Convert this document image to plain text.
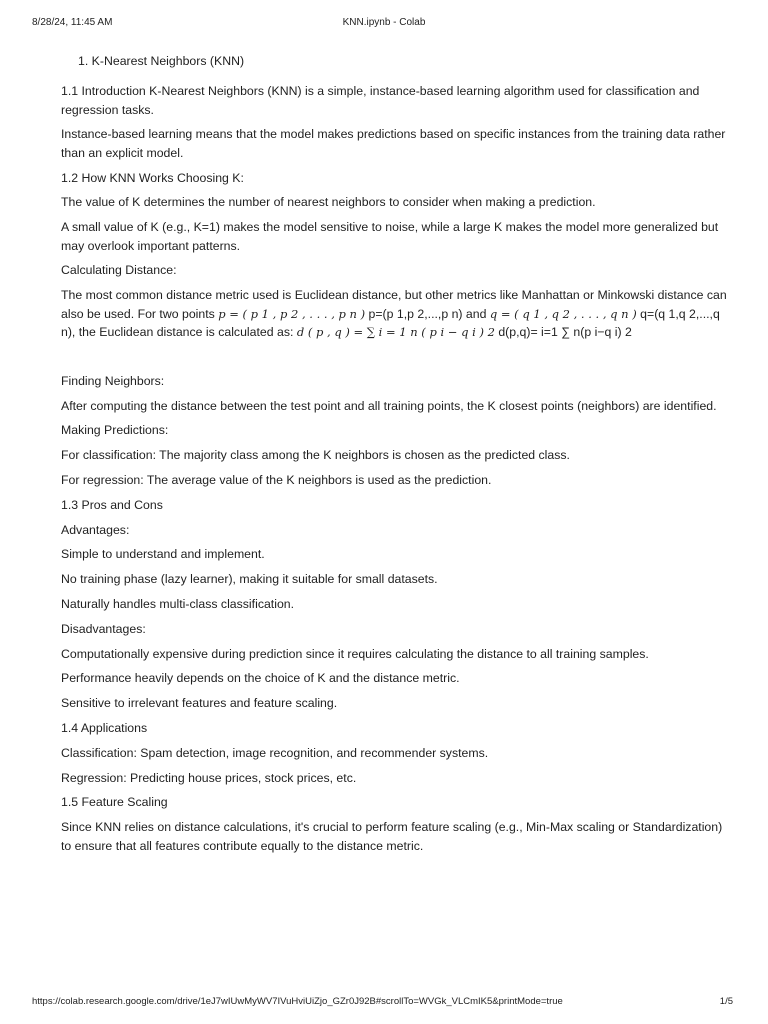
8/28/24, 11:45 AM	KNN.ipynb - Colab

1. K-Nearest Neighbors (KNN)

1.1 Introduction K-Nearest Neighbors (KNN) is a simple, instance-based learning algorithm used for classification and regression tasks.

Instance-based learning means that the model makes predictions based on specific instances from the training data rather than an explicit model.

1.2 How KNN Works Choosing K:

The value of K determines the number of nearest neighbors to consider when making a prediction.

A small value of K (e.g., K=1) makes the model sensitive to noise, while a large K makes the model more generalized but may overlook important patterns.

Calculating Distance:

The most common distance metric used is Euclidean distance, but other metrics like Manhattan or Minkowski distance can also be used. For two points p = ( p 1 , p 2 , . . . , p n ) p=(p 1,p 2,...,p n) and q = ( q 1 , q 2 , . . . , q n ) q=(q 1,q 2,...,q n), the Euclidean distance is calculated as: d ( p , q ) = ∑ i = 1 n ( p i − q i ) 2 d(p,q)= i=1 ∑ n(p i−q i) 2

Finding Neighbors:

After computing the distance between the test point and all training points, the K closest points (neighbors) are identified.

Making Predictions:

For classification: The majority class among the K neighbors is chosen as the predicted class.

For regression: The average value of the K neighbors is used as the prediction.

1.3 Pros and Cons

Advantages:

Simple to understand and implement.

No training phase (lazy learner), making it suitable for small datasets.

Naturally handles multi-class classification.

Disadvantages:

Computationally expensive during prediction since it requires calculating the distance to all training samples.

Performance heavily depends on the choice of K and the distance metric.

Sensitive to irrelevant features and feature scaling.

1.4 Applications

Classification: Spam detection, image recognition, and recommender systems.

Regression: Predicting house prices, stock prices, etc.

1.5 Feature Scaling

Since KNN relies on distance calculations, it's crucial to perform feature scaling (e.g., Min-Max scaling or Standardization) to ensure that all features contribute equally to the distance metric.

https://colab.research.google.com/drive/1eJ7wIUwMyWV7IVuHviUiZjo_GZr0J92B#scrollTo=WVGk_VLCmIK5&printMode=true	1/5
